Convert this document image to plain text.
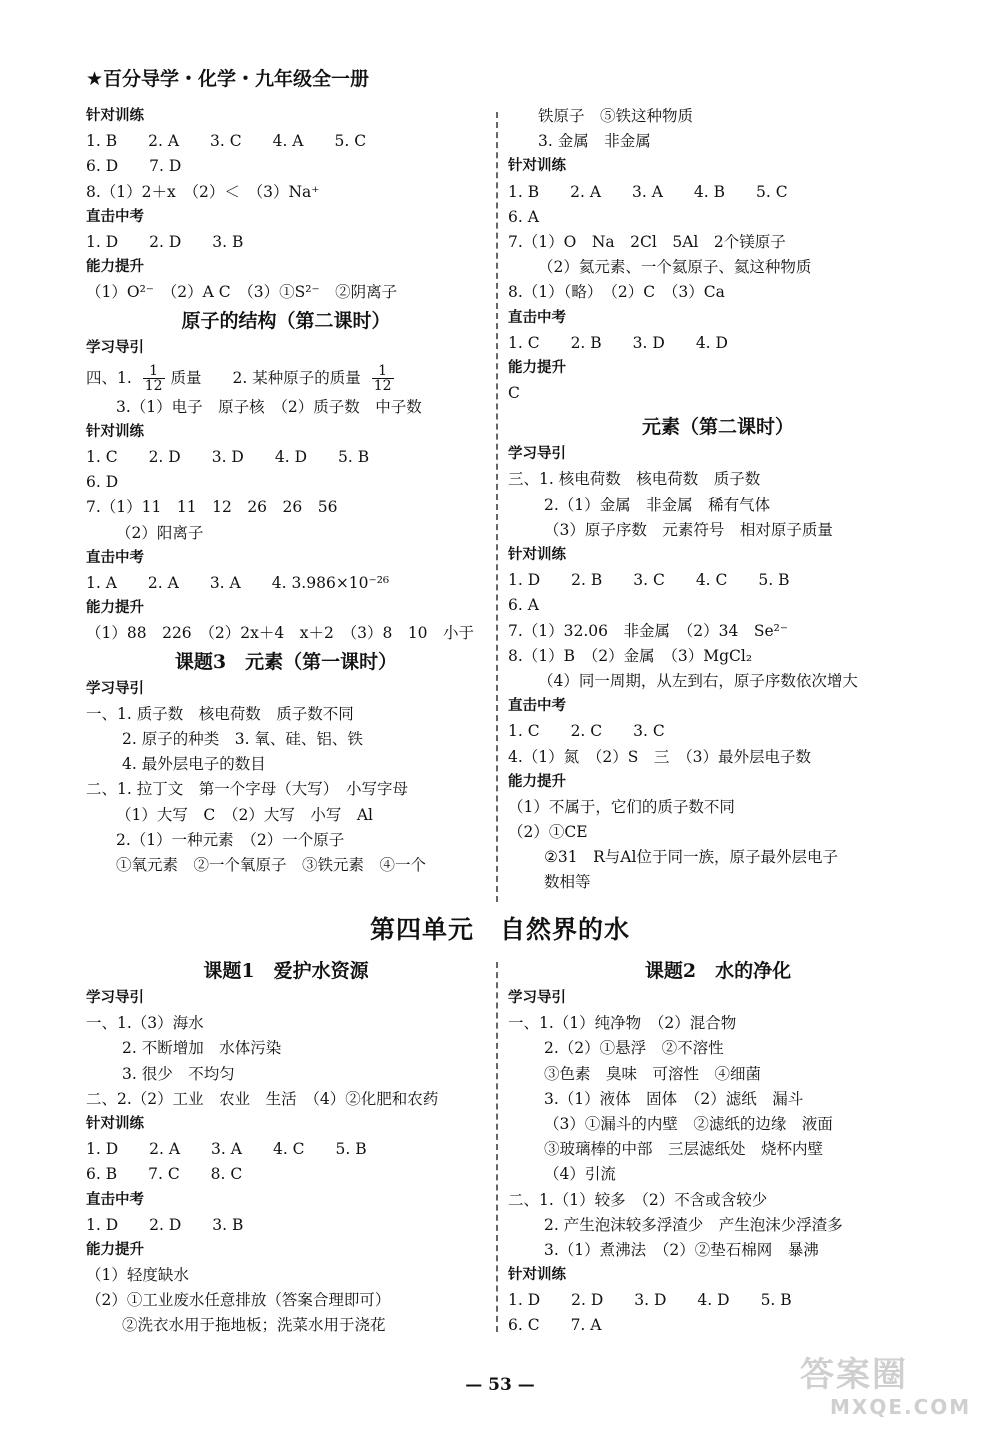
★百分导学・化学・九年级全一册
针对训练
1. B　　2. A　　3. C　　4. A　　5. C
6. D　　7. D
8.（1）2＋x　（2）＜　（3）Na⁺
直击中考
1. D　　2. D　　3. B
能力提升
（1）O²⁻　（2）A C　（3）①S²⁻　②阴离子
原子的结构（第二课时）
学习导引
四、1. $\frac{1}{12}$ 质量　　2. 某种原子的质量 $\frac{1}{12}$
3.（1）电子　原子核　（2）质子数　中子数
针对训练
1. C　　2. D　　3. D　　4. D　　5. B
6. D
7.（1）11　11　12　26　26　56
（2）阳离子
直击中考
1. A　　2. A　　3. A　　4. 3.986×10⁻²⁶
能力提升
（1）88　226　（2）2x＋4　x＋2　（3）8　10　小于
课题3　元素（第一课时）
学习导引
一、1. 质子数　核电荷数　质子数不同
2. 原子的种类　3. 氧、硅、铝、铁
4. 最外层电子的数目
二、1. 拉丁文　第一个字母（大写）　小写字母
（1）大写　C　（2）大写　小写　Al
2.（1）一种元素　（2）一个原子
①氧元素　②一个氧原子　③铁元素　④一个
铁原子　⑤铁这种物质
3. 金属　非金属
针对训练
1. B　　2. A　　3. A　　4. B　　5. C
6. A
7.（1）O　Na　2Cl　5Al　2个镁原子
（2）氦元素、一个氦原子、氦这种物质
8.（1）（略）　（2）C　（3）Ca
直击中考
1. C　　2. B　　3. D　　4. D
能力提升
C
元素（第二课时）
学习导引
三、1. 核电荷数　核电荷数　质子数
2.（1）金属　非金属　稀有气体
（3）原子序数　元素符号　相对原子质量
针对训练
1. D　　2. B　　3. C　　4. C　　5. B
6. A
7.（1）32.06　非金属　（2）34　Se²⁻
8.（1）B　（2）金属　（3）MgCl₂
（4）同一周期，从左到右，原子序数依次增大
直击中考
1. C　　2. C　　3. C
4.（1）氮　（2）S　三　（3）最外层电子数
能力提升
（1）不属于，它们的质子数不同
（2）①CE
②31　R与Al位于同一族，原子最外层电子
数相等
第四单元　自然界的水
课题1　爱护水资源
学习导引
一、1.（3）海水
2. 不断增加　水体污染
3. 很少　不均匀
二、2.（2）工业　农业　生活　（4）②化肥和农药
针对训练
1. D　　2. A　　3. A　　4. C　　5. B
6. B　　7. C　　8. C
直击中考
1. D　　2. D　　3. B
能力提升
（1）轻度缺水
（2）①工业废水任意排放（答案合理即可）
②洗衣水用于拖地板；洗菜水用于浇花
课题2　水的净化
学习导引
一、1.（1）纯净物　（2）混合物
2.（2）①悬浮　②不溶性
③色素　臭味　可溶性　④细菌
3.（1）液体　固体　（2）滤纸　漏斗
（3）①漏斗的内壁　②滤纸的边缘　液面
③玻璃棒的中部　三层滤纸处　烧杯内壁
（4）引流
二、1.（1）较多　（2）不含或含较少
2. 产生泡沫较多浮渣少　产生泡沫少浮渣多
3.（1）煮沸法　（2）②垫石棉网　暴沸
针对训练
1. D　　2. D　　3. D　　4. D　　5. B
6. C　　7. A
— 53 —	答案圈
MXQE.COM
